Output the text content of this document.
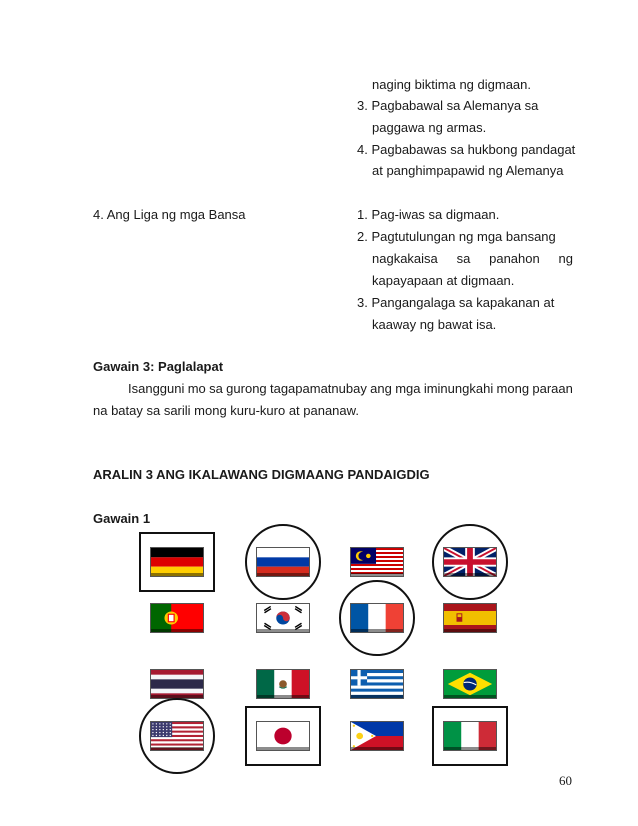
naging biktima ng digmaan.
3. Pagbabawal sa Alemanya sa
paggawa ng armas.
4. Pagbabawas sa hukbong pandagat
at panghimpapawid ng Alemanya
4. Ang Liga ng mga Bansa	1. Pag-iwas sa digmaan.
2. Pagtutulungan ng mga bansang
nagkakaisa sa panahon ng
kapayapaan at digmaan.
3. Pangangalaga sa kapakanan at
kaaway ng bawat isa.
Gawain 3: Paglalapat
Isangguni mo sa gurong tagapamatnubay ang mga iminungkahi mong paraan
na batay sa sarili mong kuru-kuro at pananaw.
ARALIN 3 ANG IKALAWANG DIGMAANG PANDAIGDIG
Gawain 1
60
